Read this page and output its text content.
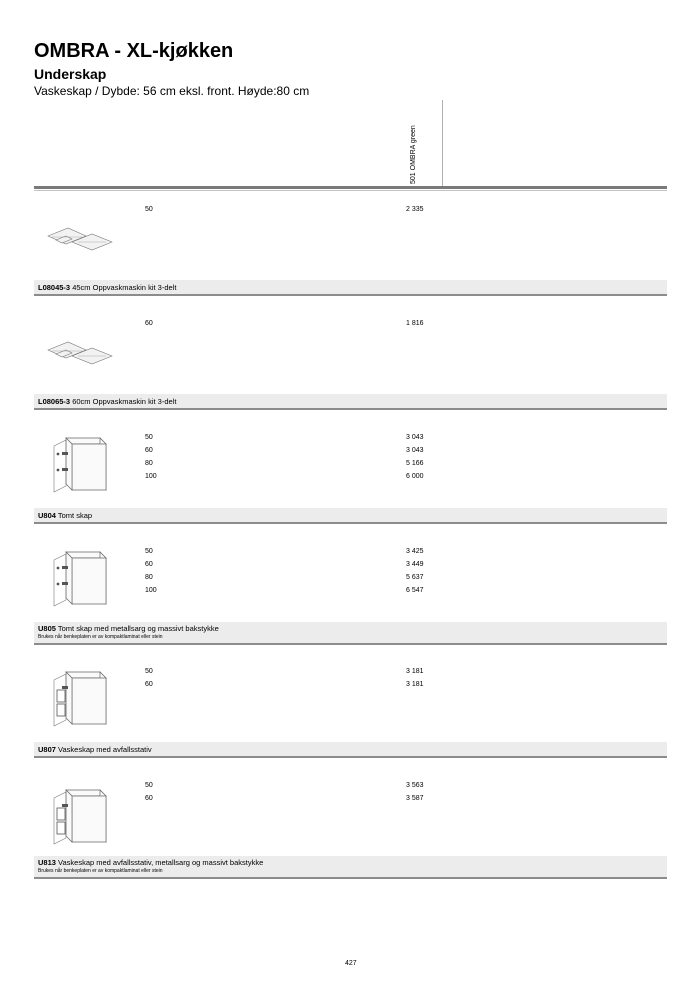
OMBRA - XL-kjøkken
Underskap

Vaskeskap / Dybde: 56 cm eksl. front. Høyde:80 cm

501 OMBRA green
50	2 335
L08045-3 45cm Oppvaskmaskin kit 3-delt
60	1 816
L08065-3 60cm Oppvaskmaskin kit 3-delt
50	3 043
60	3 043
80	5 166
100	6 000
U804 Tomt skap
50	3 425
60	3 449
80	5 637
100	6 547
U805 Tomt skap med metallsarg og massivt bakstykke
Brukes når benkeplaten er av kompaktlaminat eller stein
50	3 181
60	3 181
U807 Vaskeskap med avfallsstativ
50	3 563
60	3 587
U813 Vaskeskap med avfallsstativ, metallsarg og massivt bakstykke
Brukes når benkeplaten er av kompaktlaminat eller stein
427
